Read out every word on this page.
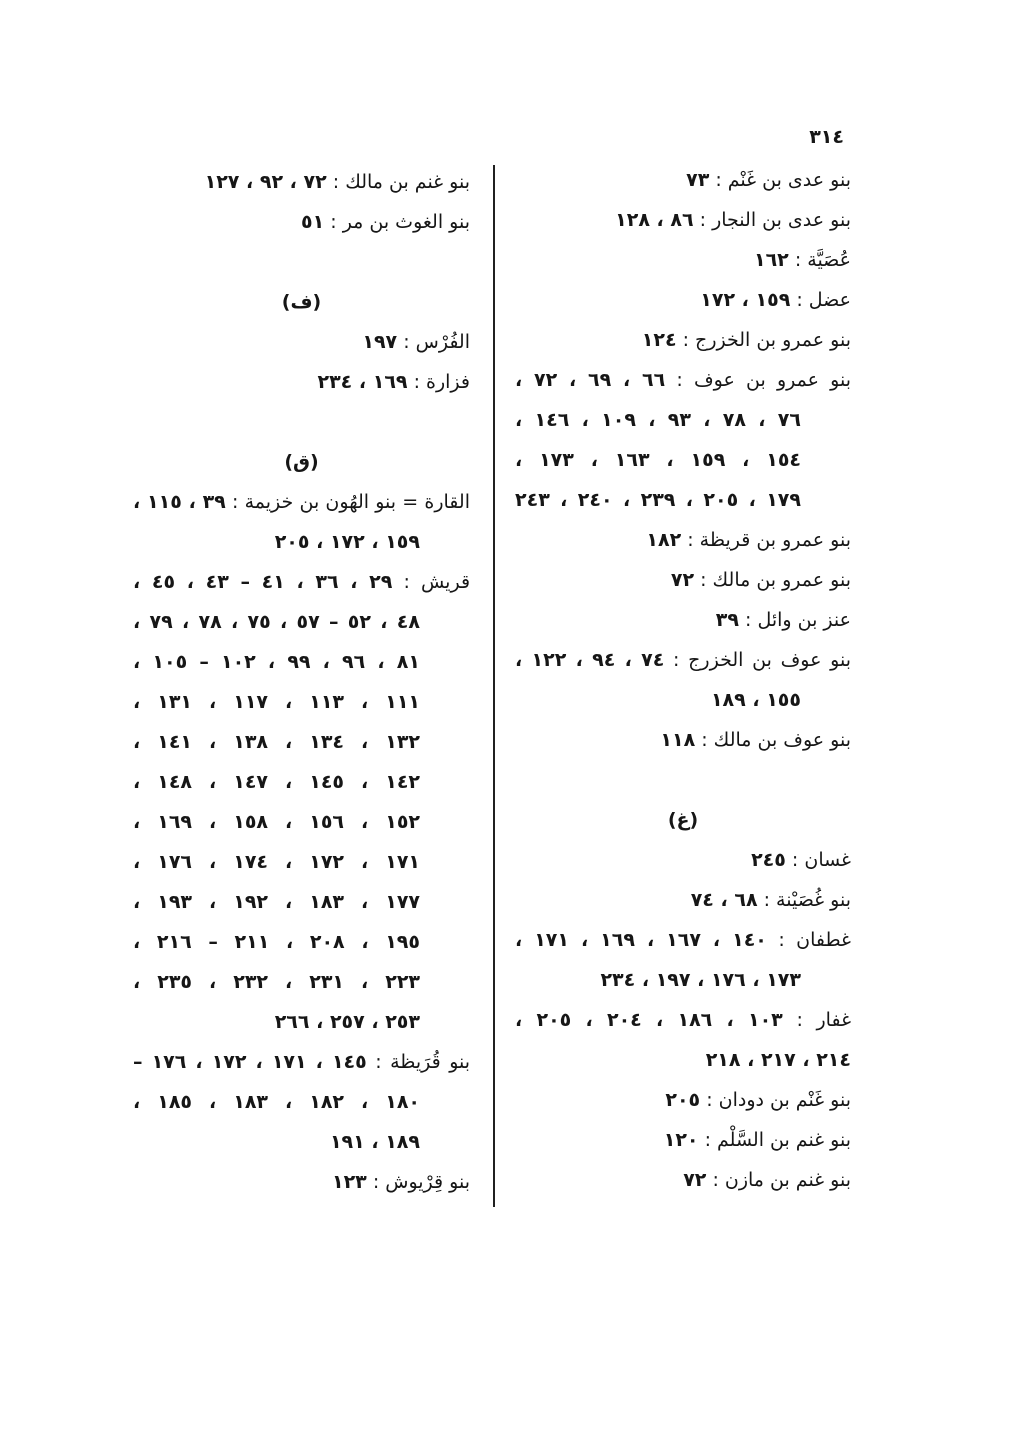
٣١٤
بنو عدى بن غَنْم : ٧٣
بنو عدى بن النجار : ٨٦ ، ١٢٨
عُصَيَّة : ١٦٢
عضل : ١٥٩ ، ١٧٢
بنو عمرو بن الخزرج : ١٢٤
بنو عمرو بن عوف : ٦٦ ، ٦٩ ، ٧٢ ،
٧٦ ، ٧٨ ، ٩٣ ، ١٠٩ ، ١٤٦ ،
١٥٤ ، ١٥٩ ، ١٦٣ ، ١٧٣ ،
١٧٩ ، ٢٠٥ ، ٢٣٩ ، ٢٤٠ ، ٢٤٣
بنو عمرو بن قريظة : ١٨٢
بنو عمرو بن مالك : ٧٢
عنز بن وائل : ٣٩
بنو عوف بن الخزرج : ٧٤ ، ٩٤ ، ١٢٢ ،
١٥٥ ، ١٨٩
بنو عوف بن مالك : ١١٨
(غ)
غسان : ٢٤٥
بنو غُصَيْنة : ٦٨ ، ٧٤
غطفان : ١٤٠ ، ١٦٧ ، ١٦٩ ، ١٧١ ،
١٧٣ ، ١٧٦ ، ١٩٧ ، ٢٣٤
غفار : ١٠٣ ، ١٨٦ ، ٢٠٤ ، ٢٠٥ ،
٢١٤ ، ٢١٧ ، ٢١٨
بنو غَنْم بن دودان : ٢٠٥
بنو غنم بن السَّلْم : ١٢٠
بنو غنم بن مازن : ٧٢
بنو غنم بن مالك : ٧٢ ، ٩٢ ، ١٢٧
بنو الغوث بن مر : ٥١
(ف)
الفُرْس : ١٩٧
فزارة : ١٦٩ ، ٢٣٤
(ق)
القارة = بنو الهُون بن خزيمة : ٣٩ ، ١١٥ ،
١٥٩ ، ١٧٢ ، ٢٠٥
قريش : ٢٩ ، ٣٦ ، ٤١ – ٤٣ ، ٤٥ ،
٤٨ ، ٥٢ – ٥٧ ، ٧٥ ، ٧٨ ، ٧٩ ،
٨١ ، ٩٦ ، ٩٩ ، ١٠٢ – ١٠٥ ،
١١١ ، ١١٣ ، ١١٧ ، ١٣١ ،
١٣٢ ، ١٣٤ ، ١٣٨ ، ١٤١ ،
١٤٢ ، ١٤٥ ، ١٤٧ ، ١٤٨ ،
١٥٢ ، ١٥٦ ، ١٥٨ ، ١٦٩ ،
١٧١ ، ١٧٢ ، ١٧٤ ، ١٧٦ ،
١٧٧ ، ١٨٣ ، ١٩٢ ، ١٩٣ ،
١٩٥ ، ٢٠٨ ، ٢١١ – ٢١٦ ،
٢٢٣ ، ٢٣١ ، ٢٣٢ ، ٢٣٥ ،
٢٥٣ ، ٢٥٧ ، ٢٦٦
بنو قُرَيظة : ١٤٥ ، ١٧١ ، ١٧٢ ، ١٧٦ –
١٨٠ ، ١٨٢ ، ١٨٣ ، ١٨٥ ،
١٨٩ ، ١٩١
بنو قِرْيوش : ١٢٣
